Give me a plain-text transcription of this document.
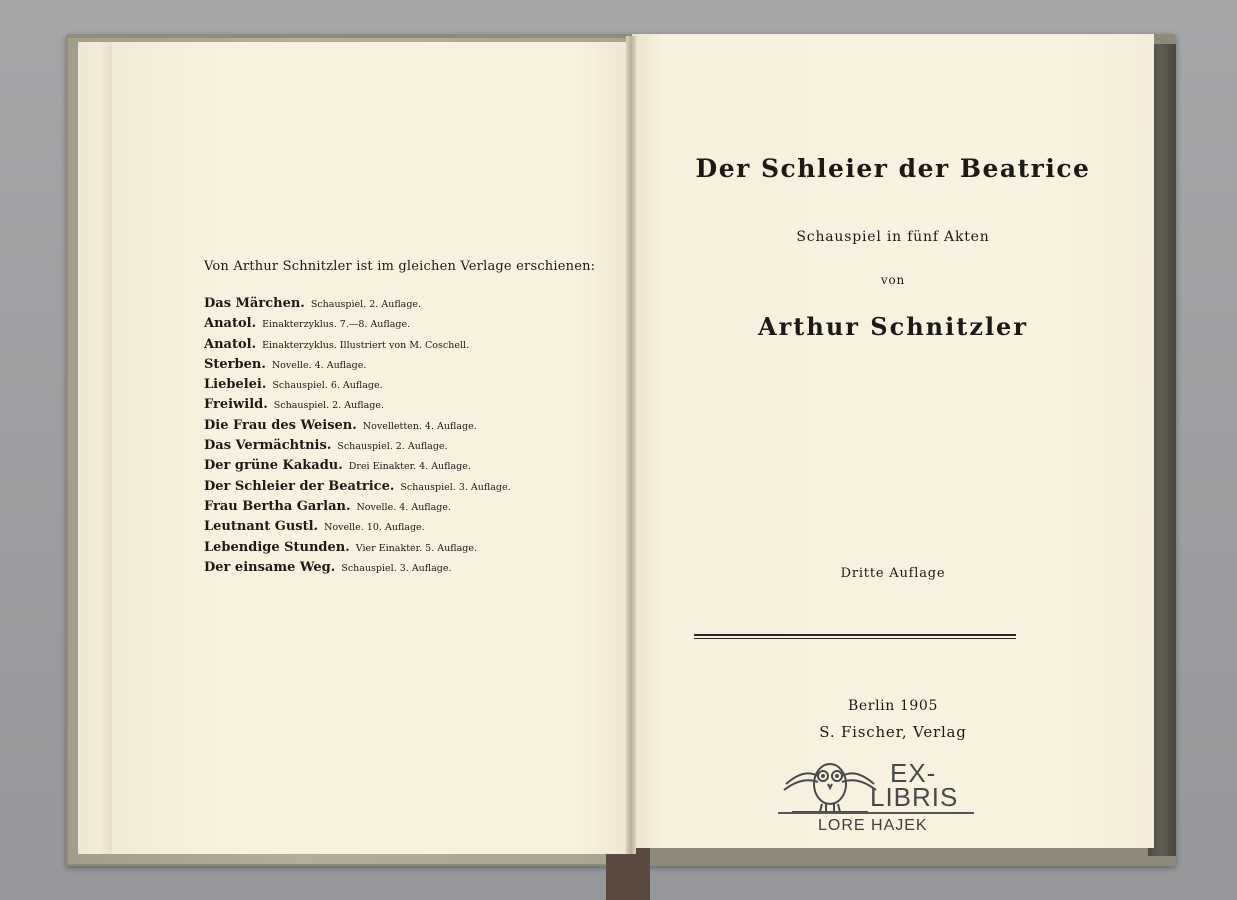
Von Arthur Schnitzler ist im gleichen Verlage erschienen:
Das Märchen. Schauspiel. 2. Auflage.
Anatol. Einakterzyklus. 7.—8. Auflage.
Anatol. Einakterzyklus. Illustriert von M. Coschell.
Sterben. Novelle. 4. Auflage.
Liebelei. Schauspiel. 6. Auflage.
Freiwild. Schauspiel. 2. Auflage.
Die Frau des Weisen. Novelletten. 4. Auflage.
Das Vermächtnis. Schauspiel. 2. Auflage.
Der grüne Kakadu. Drei Einakter. 4. Auflage.
Der Schleier der Beatrice. Schauspiel. 3. Auflage.
Frau Bertha Garlan. Novelle. 4. Auflage.
Leutnant Gustl. Novelle. 10. Auflage.
Lebendige Stunden. Vier Einakter. 5. Auflage.
Der einsame Weg. Schauspiel. 3. Auflage.
Der Schleier der Beatrice
Schauspiel in fünf Akten
von
Arthur Schnitzler
Dritte Auflage
Berlin 1905
S. Fischer, Verlag
EX-
LIBRIS
LORE HAJEK
